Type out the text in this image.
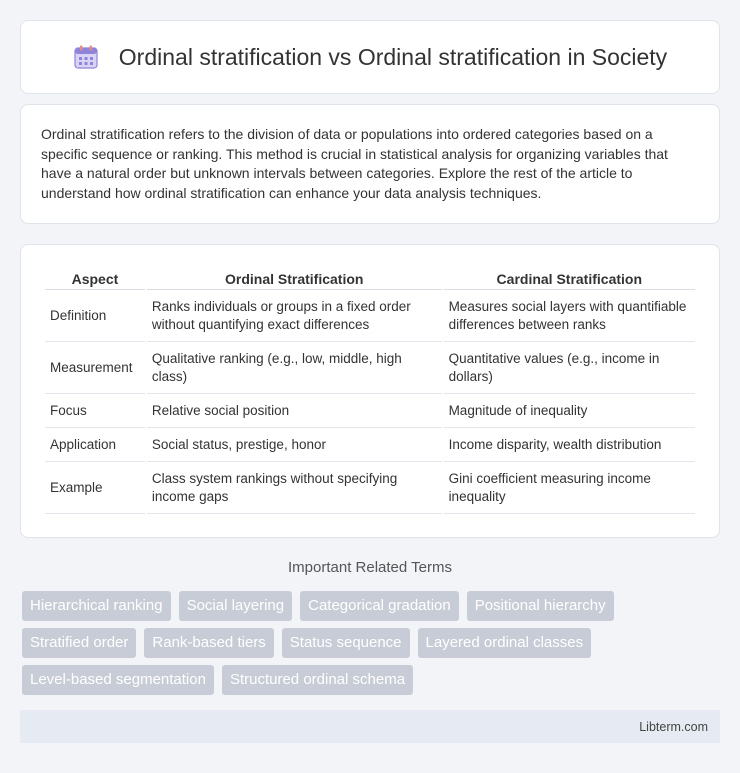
Ordinal stratification vs Ordinal stratification in Society

Ordinal stratification refers to the division of data or populations into ordered categories based on a specific sequence or ranking. This method is crucial in statistical analysis for organizing variables that have a natural order but unknown intervals between categories. Explore the rest of the article to understand how ordinal stratification can enhance your data analysis techniques.

Aspect	Ordinal Stratification	Cardinal Stratification
Definition	Ranks individuals or groups in a fixed order without quantifying exact differences	Measures social layers with quantifiable differences between ranks
Measurement	Qualitative ranking (e.g., low, middle, high class)	Quantitative values (e.g., income in dollars)
Focus	Relative social position	Magnitude of inequality
Application	Social status, prestige, honor	Income disparity, wealth distribution
Example	Class system rankings without specifying income gaps	Gini coefficient measuring income inequality
Important Related Terms
Hierarchical ranking	Social layering	Categorical gradation	Positional hierarchy
Stratified order	Rank-based tiers	Status sequence	Layered ordinal classes
Level-based segmentation	Structured ordinal schema
Libterm.com
